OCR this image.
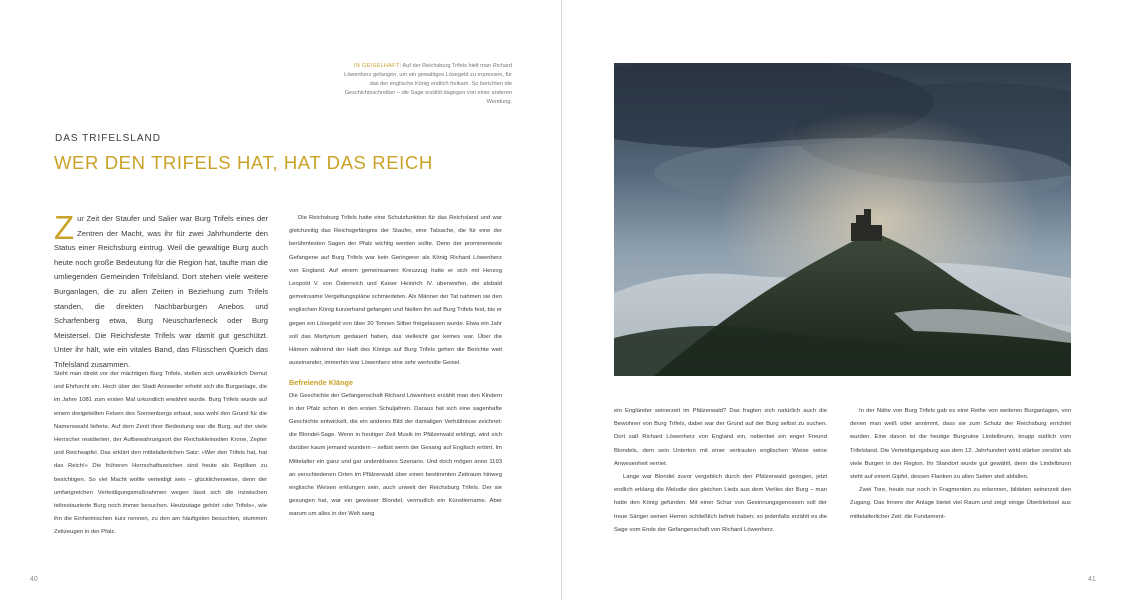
IN GEISELHAFT: Auf der Reichsburg Trifels hielt man Richard Löwenherz gefangen, um ein gewaltiges Lösegeld zu erpressen, für das der englische König endlich freikam. So berichten die Geschichtsschreiber – die Sage erzählt dagegen von einer anderen Wendung.
DAS TRIFELSLAND
WER DEN TRIFELS HAT, HAT DAS REICH

Zur Zeit der Staufer und Salier war Burg Trifels eines der Zentren der Macht, was ihr für zwei Jahrhunderte den Status einer Reichsburg eintrug. Weil die gewaltige Burg auch heute noch große Bedeutung für die Region hat, taufte man die umliegenden Gemeinden Trifelsland. Dort stehen viele weitere Burganlagen, die zu allen Zeiten in Beziehung zum Trifels standen, die direkten Nachbarburgen Anebos und Scharfenberg etwa, Burg Neuscharfeneck oder Burg Meistersel. Die Reichsfeste Trifels war damit gut geschützt. Unter ihr hält, wie ein vitales Band, das Flüsschen Queich das Trifelsland zusammen.

Steht man direkt vor der mächtigen Burg Trifels, stellen sich unwillkürlich Demut und Ehrfurcht ein. Hoch über der Stadt Annweiler erhebt sich die Burganlage, die im Jahre 1081 zum ersten Mal urkundlich erwähnt wurde. Burg Trifels wurde auf einem dreigeteilten Felsen des Sonnenbergs erbaut, was wohl den Grund für die Namenswahl lieferte. Auf dem Zenit ihrer Bedeutung war die Burg, auf der viele Herrscher residierten, der Aufbewahrungsort der Reichskleinodien Krone, Zepter und Reichsapfel. Das erklärt den mittelalterlichen Satz: »Wer den Trifels hat, hat das Reich!« Die früheren Herrschaftszeichen sind heute als Repliken zu besichtigen. So viel Macht wollte verteidigt sein – glücklicherweise, denn der umfangreichen Verteidigungsmaßnahmen wegen lässt sich die inzwischen teilrestaurierte Burg noch immer besuchen. Heutzutage gehört »der Trifels«, wie ihn die Einheimischen kurz nennen, zu den am häufigsten besuchten, stummen Zeitzeugen in der Pfalz.

Die Reichsburg Trifels hatte eine Schutzfunktion für das Reichsland und war gleichzeitig das Reichsgefängnis der Staufer, eine Tatsache, die für eine der berühmtesten Sagen der Pfalz wichtig werden sollte. Denn der prominenteste Gefangene auf Burg Trifels war kein Geringerer als König Richard Löwenherz von England. Auf einem gemeinsamen Kreuzzug hatte er sich mit Herzog Leopold V. von Österreich und Kaiser Heinrich IV. überworfen, die alsbald gemeinsame Vergeltungspläne schmiedeten. Als Männer der Tat nahmen sie den englischen König kurzerhand gefangen und hielten ihn auf Burg Trifels fest, bis er gegen ein Lösegeld von über 20 Tonnen Silber freigelassen wurde. Etwa ein Jahr soll das Martyrium gedauert haben, das vielleicht gar keines war. Über die Hämen während der Haft des Königs auf Burg Trifels gehen die Berichte weit auseinander, immerhin war Löwenherz eine sehr wertvolle Geisel.

Befreiende Klänge

Die Geschichte der Gefangenschaft Richard Löwenherz erzählt man den Kindern in der Pfalz schon in den ersten Schuljahren. Daraus hat sich eine sagenhafte Geschichte entwickelt, die ein anderes Bild der damaligen Verhältnisse zeichnet: die Blondel-Sage. Wenn in heutiger Zeit Musik im Pfälzerwald erklingt, wird sich darüber kaum jemand wundern – selbst wenn der Gesang auf Englisch ertönt. Im Mittelalter ein ganz und gar undenkbares Szenario. Und doch mögen anno 1193 an verschiedenen Orten im Pfälzerwald über einen bestimmten Zeitraum hinweg englische Weisen erklungen sein, auch unweit der Reichsburg Trifels. Der sie gesungen hat, war ein gewisser Blondel, vermutlich ein Künstlername. Aber warum um alles in der Welt sang

40	41

ein Engländer seinerzeit im Pfälzerwald? Das fragten sich natürlich auch die Bewohner von Burg Trifels, dabei war der Grund auf der Burg selbst zu suchen. Dort saß Richard Löwenherz von England ein, nebenbei ein enger Freund Blondels, dem sein Unterton mit einer vertrauten englischen Weise seine Anwesenheit verriet.

Lange war Blondel zuvor vergeblich durch den Pfälzerwald gezogen, jetzt endlich erklang die Melodie des gleichen Lieds aus dem Verlies der Burg – man hatte den König gefunden. Mit einer Schar von Gesinnungsgenossen soll der treue Sänger seinen Herren schließlich befreit haben; so jedenfalls erzählt es die Sage vom Ende der Gefangenschaft von Richard Löwenherz.

In der Nähe von Burg Trifels gab es eine Reihe von weiteren Burganlagen, von denen man weiß oder annimmt, dass sie zum Schutz der Reichsburg errichtet wurden. Eine davon ist die heutige Burgruine Lindelbrunn, knapp südlich vom Trifelsland. Die Verteidigungsburg aus dem 12. Jahrhundert wirkt stärker zerstört als viele Burgen in der Region. Ihr Standort wurde gut gewählt, denn die Lindelbrunn steht auf einem Gipfel, dessen Flanken zu allen Seiten steil abfallen.

Zwei Tore, heute nur noch in Fragmenten zu erkennen, bildeten seinerzeit den Zugang. Das Innere der Anlage bietet viel Raum und zeigt einige Überbleibsel aus mittelalterlicher Zeit: die Fundament-
